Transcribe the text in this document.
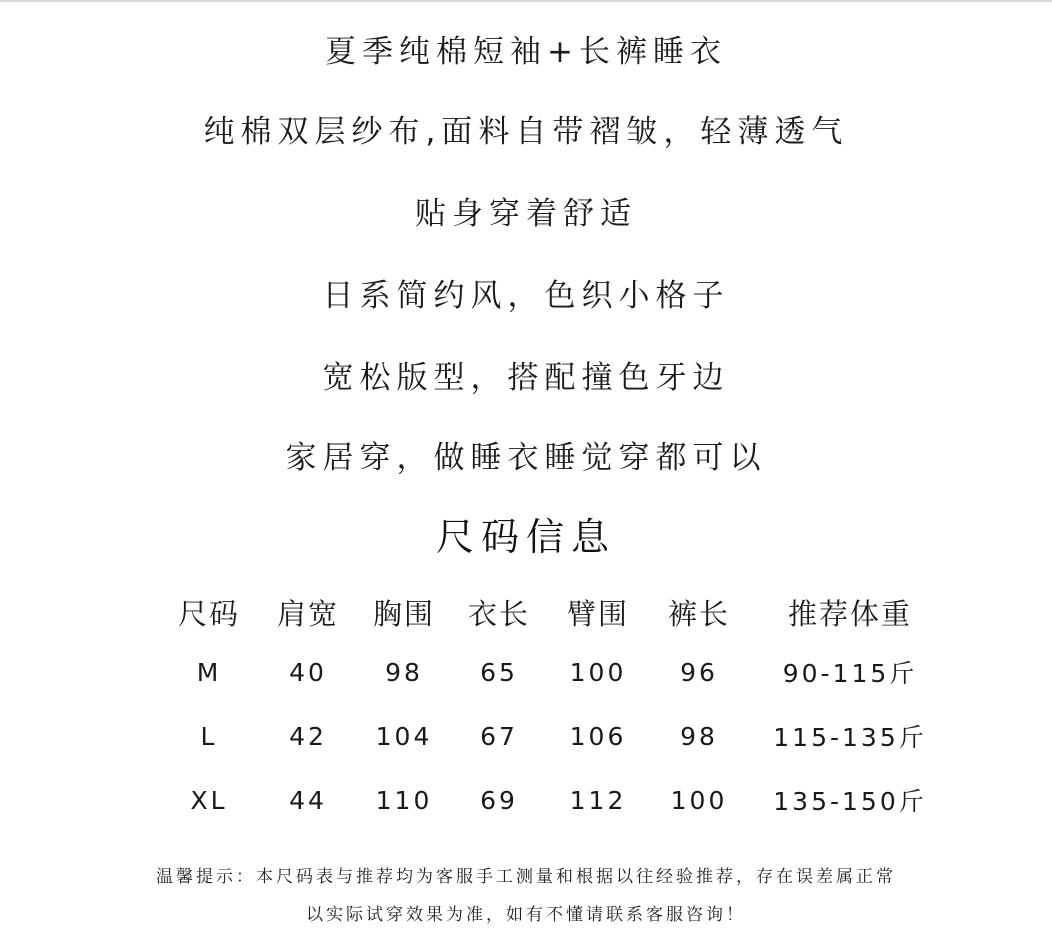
夏季纯棉短袖+长裤睡衣
纯棉双层纱布,面料自带褶皱，轻薄透气
贴身穿着舒适
日系简约风，色织小格子
宽松版型，搭配撞色牙边
家居穿，做睡衣睡觉穿都可以
尺码信息
尺码	肩宽	胸围	衣长	臂围	裤长	推荐体重
M	40	98	65	100	96	90-115斤
L	42	104	67	106	98	115-135斤
XL	44	110	69	112	100	135-150斤
温馨提示：本尺码表与推荐均为客服手工测量和根据以往经验推荐，存在误差属正常
以实际试穿效果为准，如有不懂请联系客服咨询！
